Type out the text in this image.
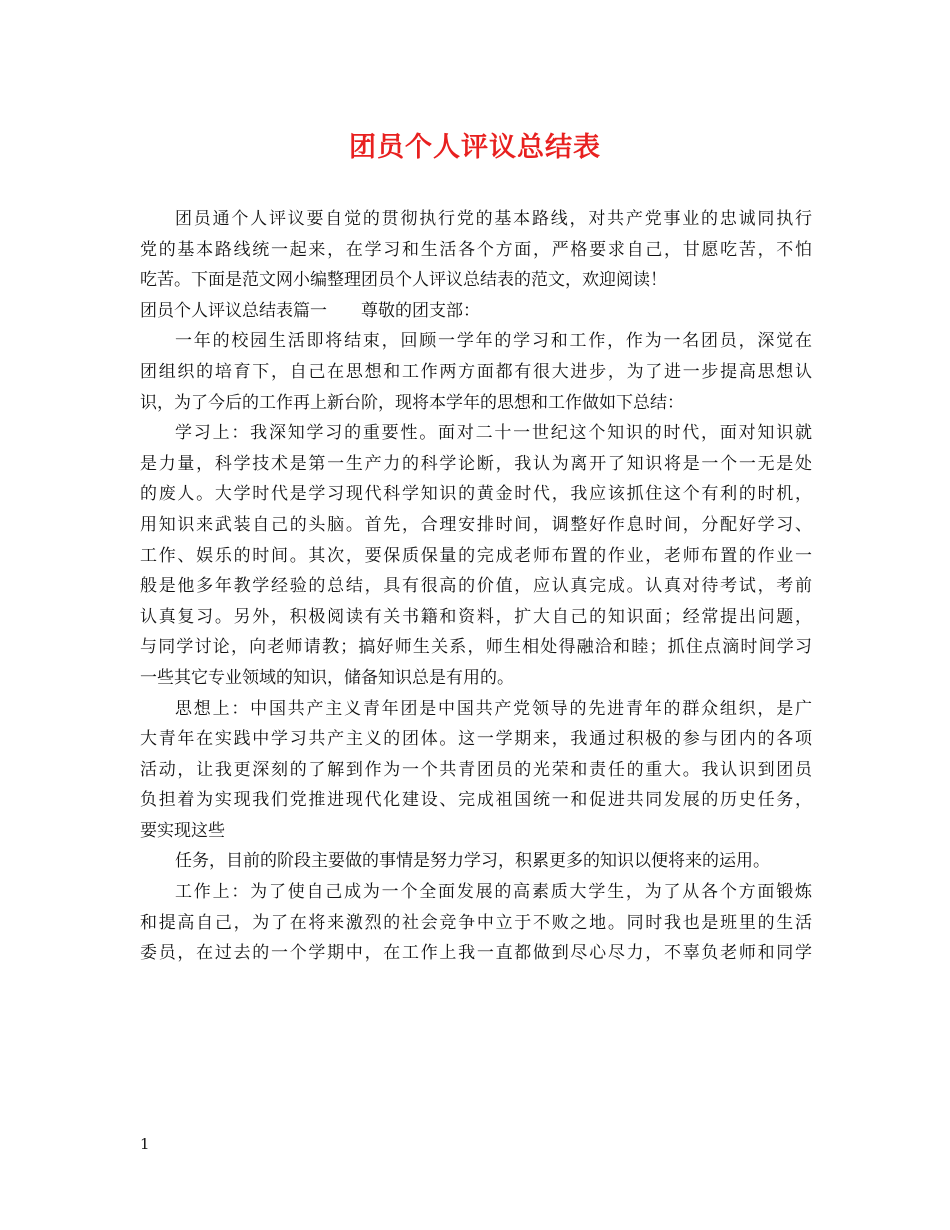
团员个人评议总结表
团员通个人评议要自觉的贯彻执行党的基本路线，对共产党事业的忠诚同执行
党的基本路线统一起来，在学习和生活各个方面，严格要求自己，甘愿吃苦，不怕
吃苦。下面是范文网小编整理团员个人评议总结表的范文，欢迎阅读！
团员个人评议总结表篇一　　尊敬的团支部：
一年的校园生活即将结束，回顾一学年的学习和工作，作为一名团员，深觉在
团组织的培育下，自己在思想和工作两方面都有很大进步，为了进一步提高思想认
识，为了今后的工作再上新台阶，现将本学年的思想和工作做如下总结：
学习上：我深知学习的重要性。面对二十一世纪这个知识的时代，面对知识就
是力量，科学技术是第一生产力的科学论断，我认为离开了知识将是一个一无是处
的废人。大学时代是学习现代科学知识的黄金时代，我应该抓住这个有利的时机，
用知识来武装自己的头脑。首先，合理安排时间，调整好作息时间，分配好学习、
工作、娱乐的时间。其次，要保质保量的完成老师布置的作业，老师布置的作业一
般是他多年教学经验的总结，具有很高的价值，应认真完成。认真对待考试，考前
认真复习。另外，积极阅读有关书籍和资料，扩大自己的知识面；经常提出问题，
与同学讨论，向老师请教；搞好师生关系，师生相处得融洽和睦；抓住点滴时间学习
一些其它专业领域的知识，储备知识总是有用的。
思想上：中国共产主义青年团是中国共产党领导的先进青年的群众组织，是广
大青年在实践中学习共产主义的团体。这一学期来，我通过积极的参与团内的各项
活动，让我更深刻的了解到作为一个共青团员的光荣和责任的重大。我认识到团员
负担着为实现我们党推进现代化建设、完成祖国统一和促进共同发展的历史任务，
要实现这些
任务，目前的阶段主要做的事情是努力学习，积累更多的知识以便将来的运用。
工作上：为了使自己成为一个全面发展的高素质大学生，为了从各个方面锻炼
和提高自己，为了在将来激烈的社会竞争中立于不败之地。同时我也是班里的生活
委员，在过去的一个学期中，在工作上我一直都做到尽心尽力，不辜负老师和同学
1
